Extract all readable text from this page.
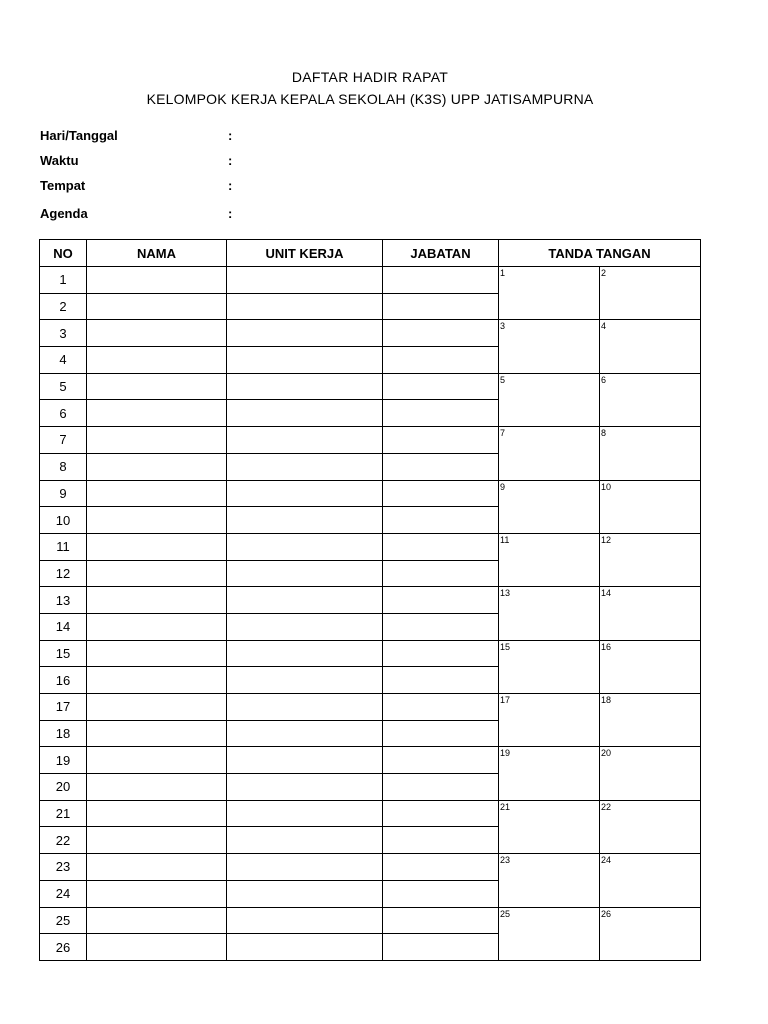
DAFTAR HADIR RAPAT
KELOMPOK KERJA KEPALA SEKOLAH (K3S) UPP JATISAMPURNA
Hari/Tanggal	:
Waktu	:
Tempat	:
Agenda	:
NO	NAMA	UNIT KERJA	JABATAN	TANDA TANGAN	
1				1	2

2					
3				3	4

4					
5				5	6

6					
7				7	8

8					
9				9	10

10					
11				11	12

12					
13				13	14

14					
15				15	16

16					
17				17	18

18					
19				19	20

20					
21				21	22

22					
23				23	24

24					
25				25	26

26					
